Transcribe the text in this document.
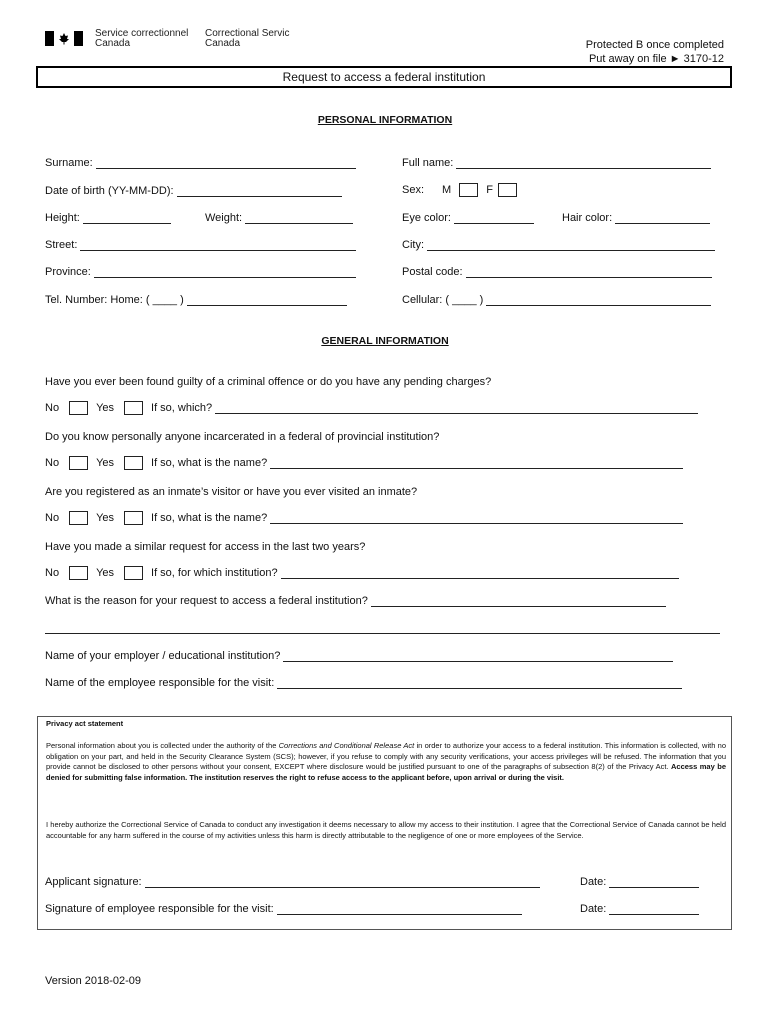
Service correctionnel
Canada
Correctional Servic
Canada	Protected B once completed
Put away on file ► 3170-12
Request to access a federal institution
PERSONAL INFORMATION
Surname:	Full name:
Date of birth (YY-MM-DD):	Sex: M	F
Height:	Weight:	Eye color:	Hair color:
Street:	City:
Province:	Postal code:
Tel. Number: Home: ( ____ )	Cellular: ( ____ )
GENERAL INFORMATION
Have you ever been found guilty of a criminal offence or do you have any pending charges?
No	Yes	If so, which?
Do you know personally anyone incarcerated in a federal of provincial institution?
No	Yes	If so, what is the name?
Are you registered as an inmate’s visitor or have you ever visited an inmate?
No	Yes	If so, what is the name?
Have you made a similar request for access in the last two years?
No	Yes	If so, for which institution?
What is the reason for your request to access a federal institution?
Name of your employer / educational institution?
Name of the employee responsible for the visit:
Privacy act statement
Personal information about you is collected under the authority of the Corrections and Conditional Release Act in order to authorize your access to a federal institution. This information is collected, with no obligation on your part, and held in the Security Clearance System (SCS); however, if you refuse to comply with any security verifications, your access privileges will be refused. The information that you provide cannot be disclosed to other persons without your consent, EXCEPT where disclosure would be justified pursuant to one of the paragraphs of subsection 8(2) of the Privacy Act. Access may be denied for submitting false information. The institution reserves the right to refuse access to the applicant before, upon arrival or during the visit.
I hereby authorize the Correctional Service of Canada to conduct any investigation it deems necessary to allow my access to their institution. I agree that the Correctional Service of Canada cannot be held accountable for any harm suffered in the course of my activities unless this harm is directly attributable to the negligence of one or more employees of the Service.
Applicant signature:	Date:
Signature of employee responsible for the visit:	Date:
Version 2018-02-09
